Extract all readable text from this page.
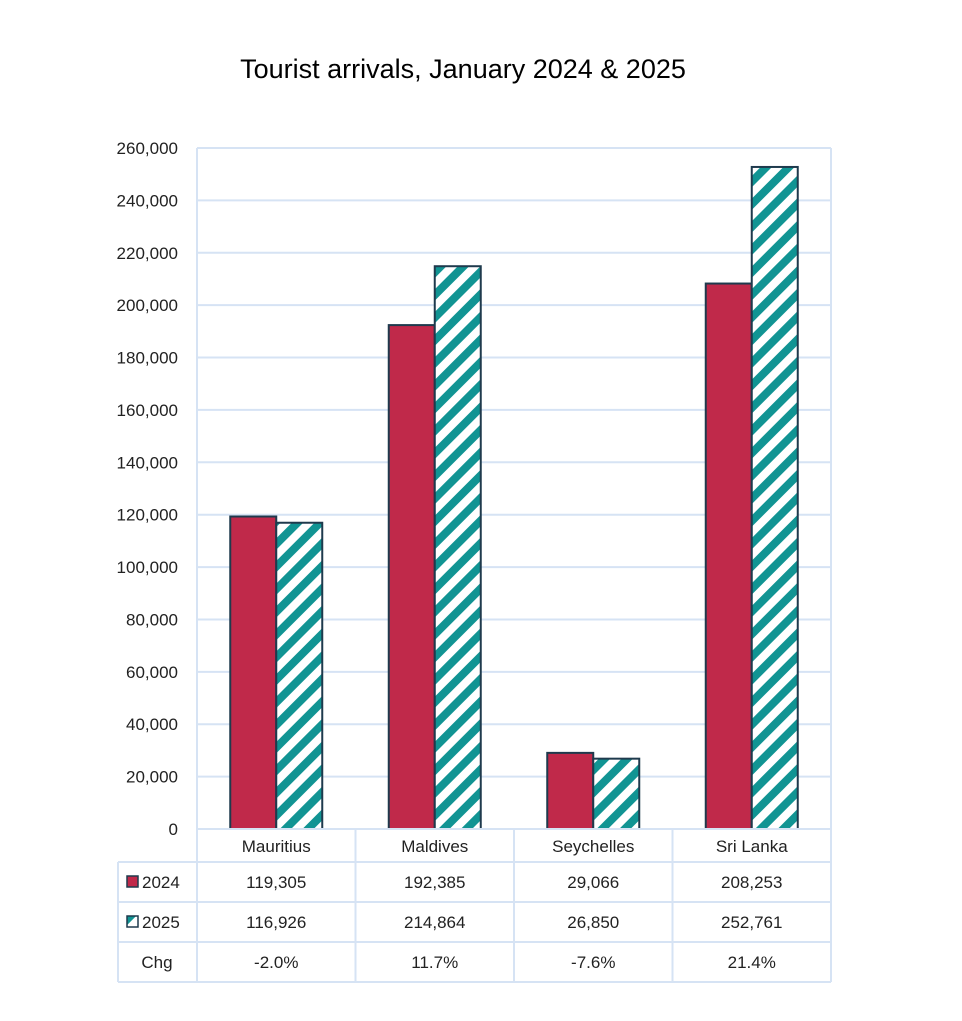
0
20,000
40,000
60,000
80,000
100,000
120,000
140,000
160,000
180,000
200,000
220,000
240,000
260,000
Mauritius	Maldives	Seychelles	Sri Lanka
2024	119,305	192,385	29,066	208,253
2025	116,926	214,864	26,850	252,761
Chg	-2.0%	11.7%	-7.6%	21.4%
Tourist arrivals, January 2024 & 2025
